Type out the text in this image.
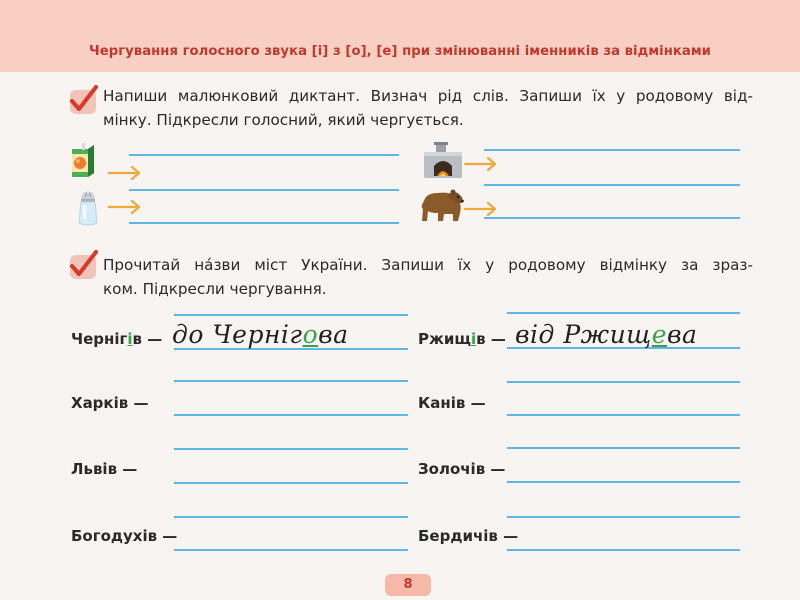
Чергування голосного звука [і] з [о], [е] при змінюванні іменників за відмінками
Напиши малюнковий диктант. Визнач рід слів. Запиши їх у родовому від-
мінку. Підкресли голосний, який чергується.
Прочитай на́зви міст України. Запиши їх у родовому відмінку за зраз-
ком. Підкресли чергування.
Чернігів —
Харків —
Львів —
Богодухів —
Ржищів —
Канів —
Золочів —
Бердичів —
до Чернігова	від Ржищева
8
